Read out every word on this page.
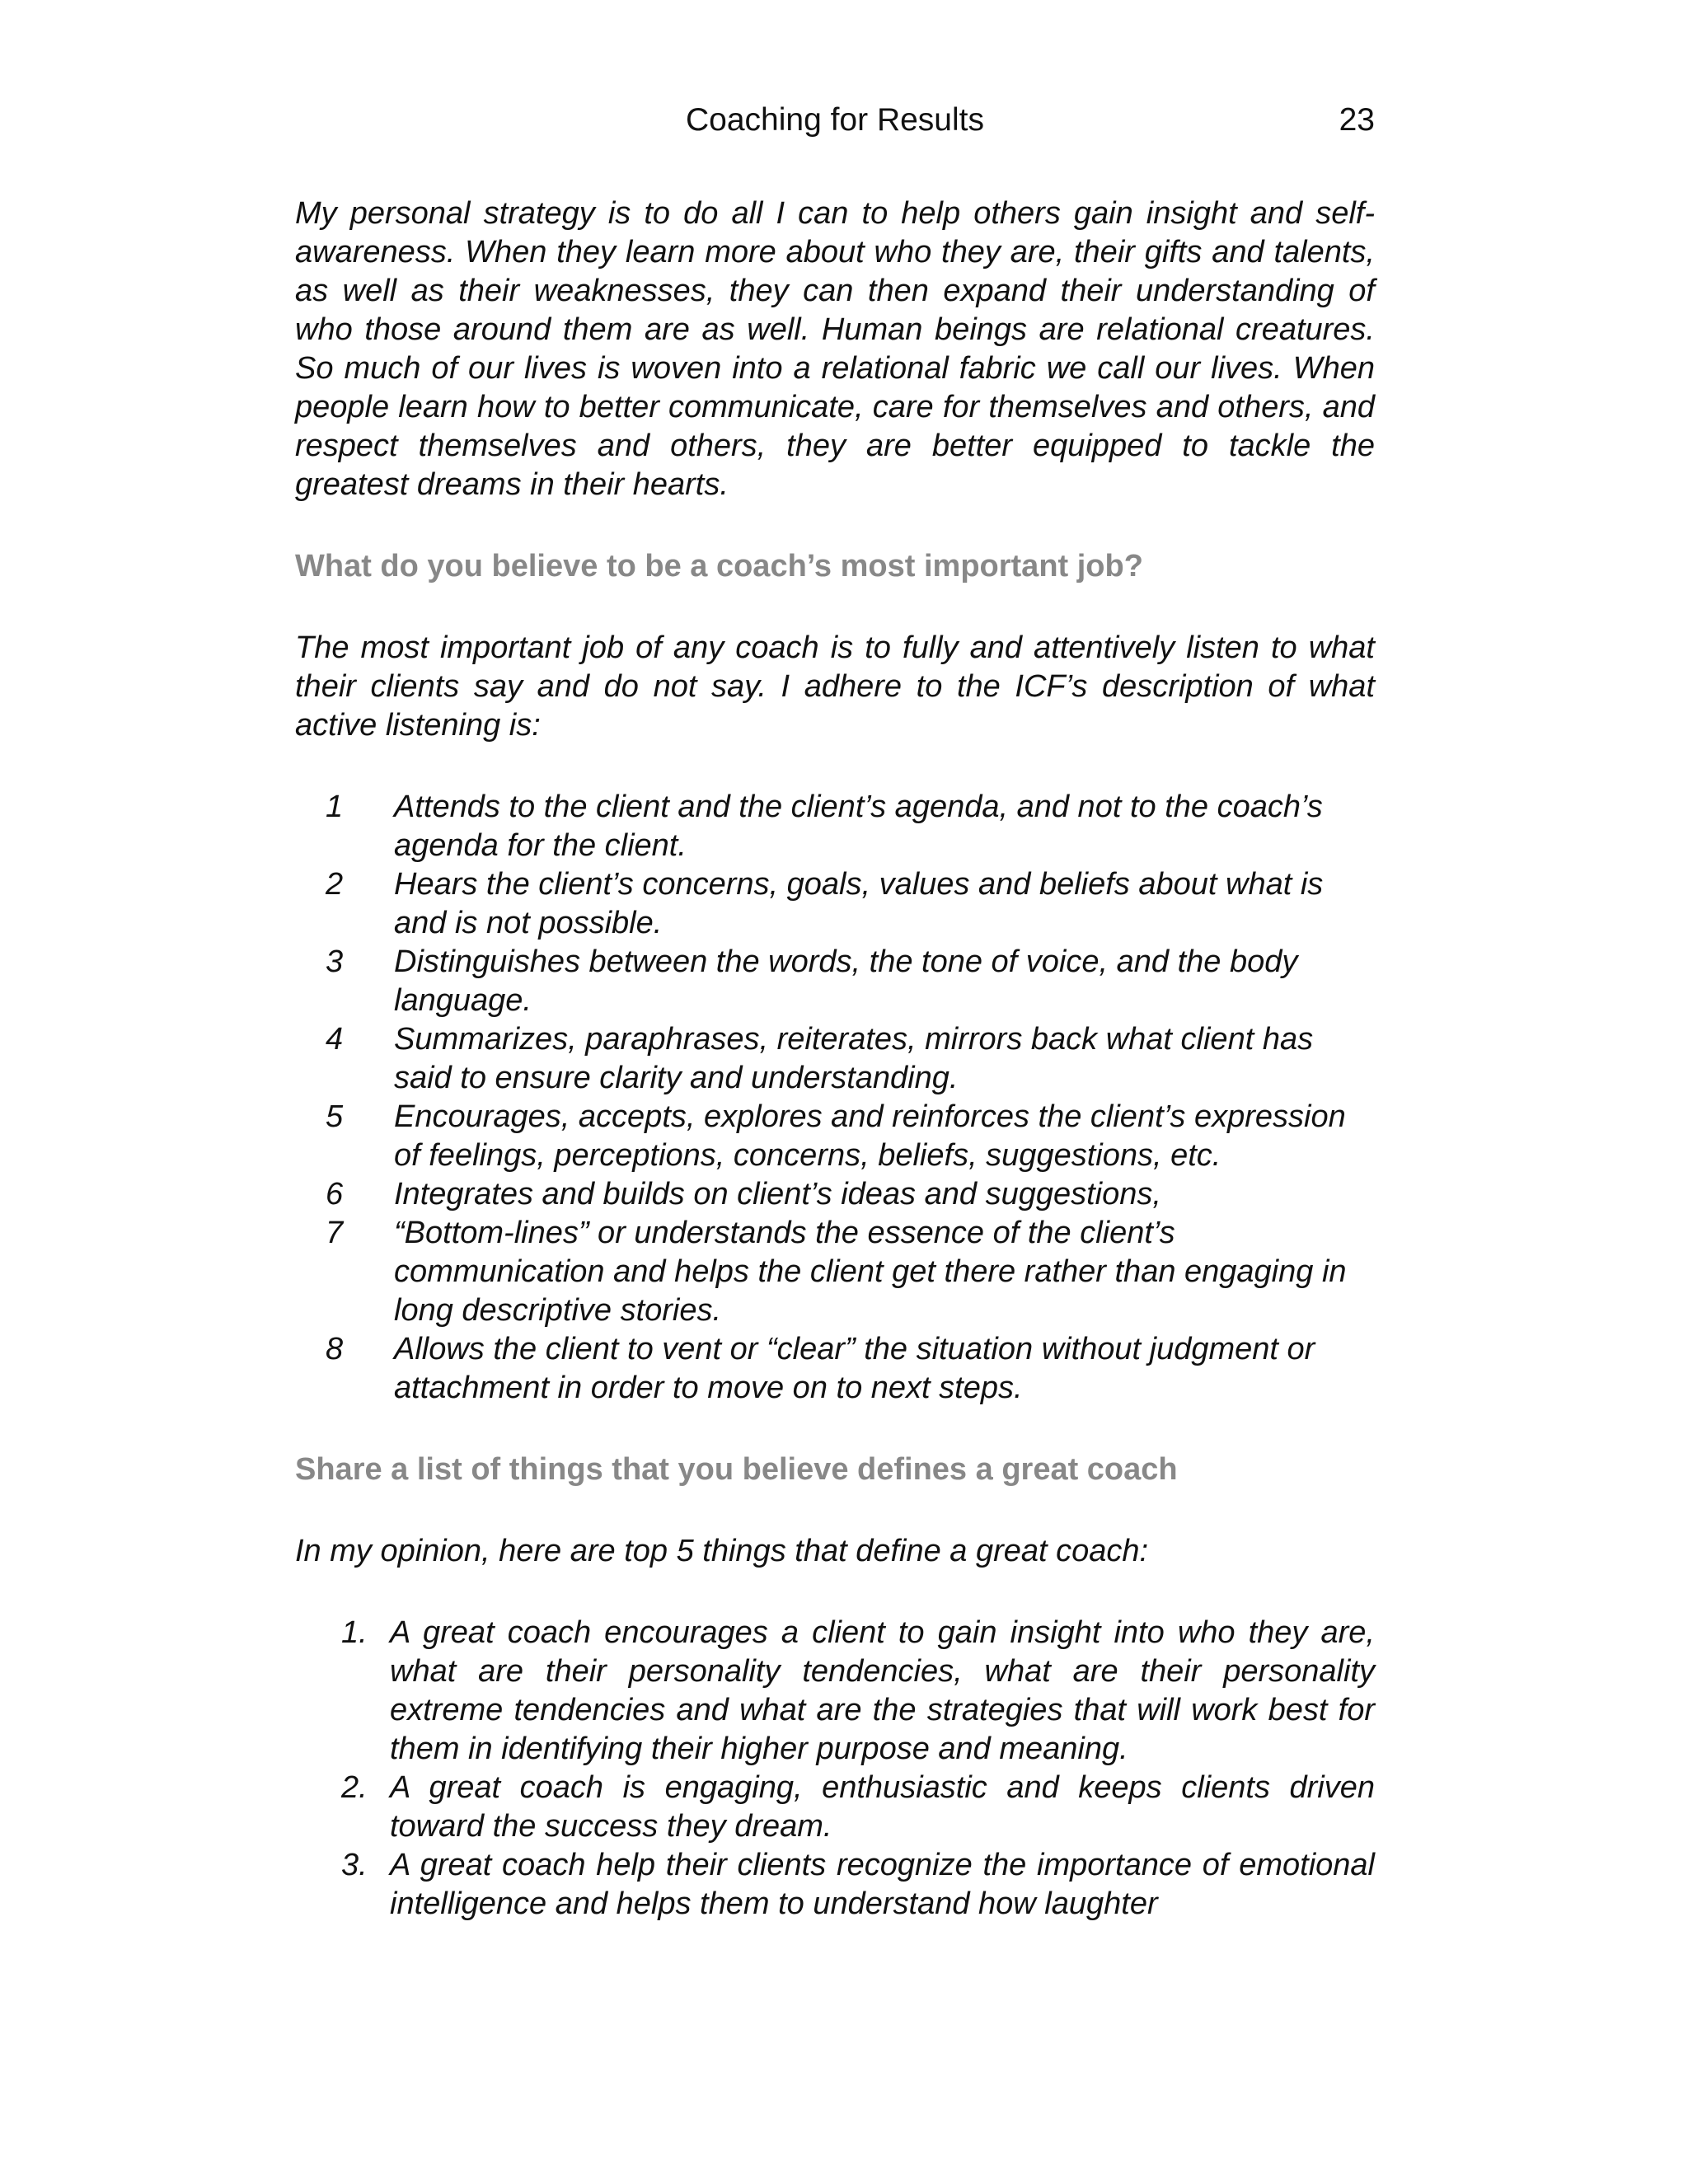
Coaching for Results	23

My personal strategy is to do all I can to help others gain insight and self-awareness. When they learn more about who they are, their gifts and talents, as well as their weaknesses, they can then expand their understanding of who those around them are as well. Human beings are relational creatures. So much of our lives is woven into a relational fabric we call our lives. When people learn how to better communicate, care for themselves and others, and respect themselves and others, they are better equipped to tackle the greatest dreams in their hearts.

What do you believe to be a coach’s most important job?

The most important job of any coach is to fully and attentively listen to what their clients say and do not say. I adhere to the ICF’s description of what active listening is:

1 Attends to the client and the client’s agenda, and not to the coach’s agenda for the client.
2 Hears the client’s concerns, goals, values and beliefs about what is and is not possible.
3 Distinguishes between the words, the tone of voice, and the body language.
4 Summarizes, paraphrases, reiterates, mirrors back what client has said to ensure clarity and understanding.
5 Encourages, accepts, explores and reinforces the client’s expression of feelings, perceptions, concerns, beliefs, suggestions, etc.
6 Integrates and builds on client’s ideas and suggestions,
7 “Bottom-lines” or understands the essence of the client’s communication and helps the client get there rather than engaging in long descriptive stories.
8 Allows the client to vent or “clear” the situation without judgment or attachment in order to move on to next steps.
Share a list of things that you believe defines a great coach

In my opinion, here are top 5 things that define a great coach:

1. A great coach encourages a client to gain insight into who they are, what are their personality tendencies, what are their personality extreme tendencies and what are the strategies that will work best for them in identifying their higher purpose and meaning.
2. A great coach is engaging, enthusiastic and keeps clients driven toward the success they dream.
3. A great coach help their clients recognize the importance of emotional intelligence and helps them to understand how laughter
